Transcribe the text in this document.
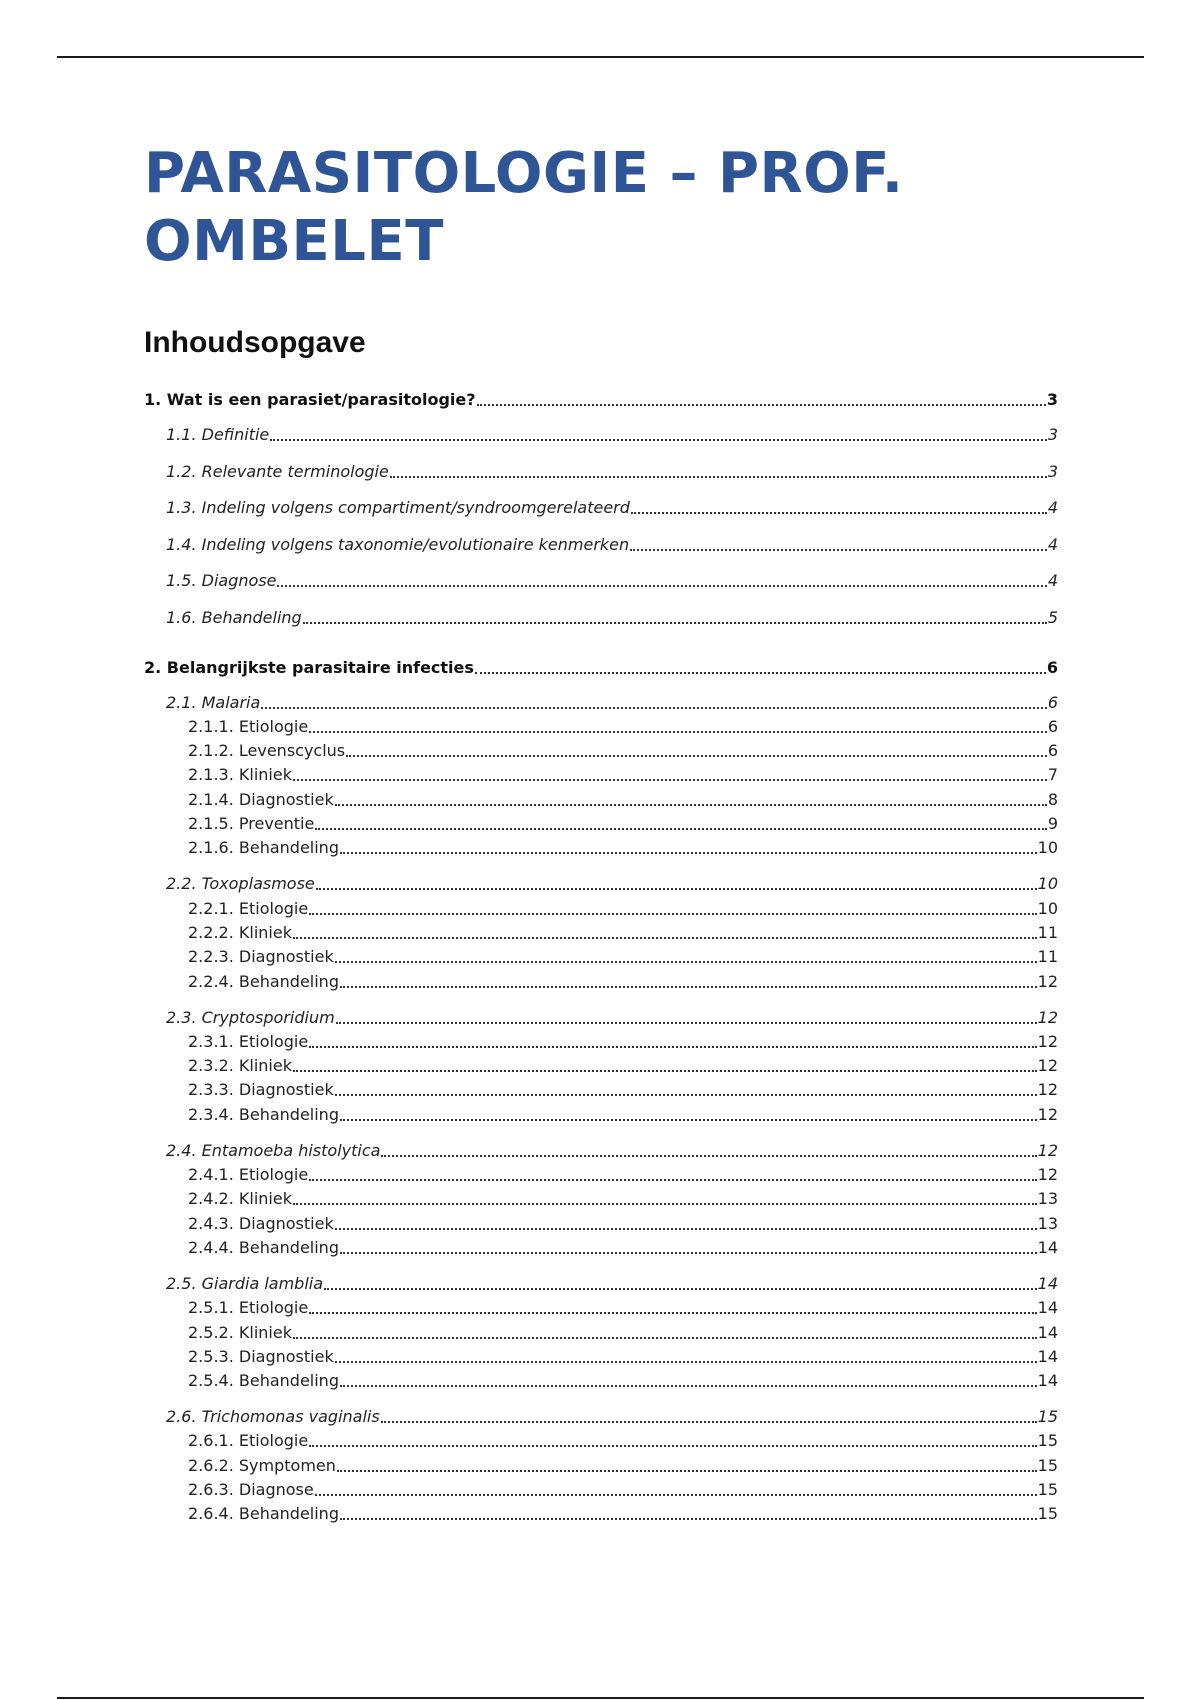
PARASITOLOGIE – PROF.
OMBELET
Inhoudsopgave
1. Wat is een parasiet/parasitologie?	3
1.1. Definitie	3
1.2. Relevante terminologie	3
1.3. Indeling volgens compartiment/syndroomgerelateerd	4
1.4. Indeling volgens taxonomie/evolutionaire kenmerken	4
1.5. Diagnose	4
1.6. Behandeling	5
2. Belangrijkste parasitaire infecties	6
2.1. Malaria	6
2.1.1. Etiologie	6
2.1.2. Levenscyclus	6
2.1.3. Kliniek	7
2.1.4. Diagnostiek	8
2.1.5. Preventie	9
2.1.6. Behandeling	10
2.2. Toxoplasmose	10
2.2.1. Etiologie	10
2.2.2. Kliniek	11
2.2.3. Diagnostiek	11
2.2.4. Behandeling	12
2.3. Cryptosporidium	12
2.3.1. Etiologie	12
2.3.2. Kliniek	12
2.3.3. Diagnostiek	12
2.3.4. Behandeling	12
2.4. Entamoeba histolytica	12
2.4.1. Etiologie	12
2.4.2. Kliniek	13
2.4.3. Diagnostiek	13
2.4.4. Behandeling	14
2.5. Giardia lamblia	14
2.5.1. Etiologie	14
2.5.2. Kliniek	14
2.5.3. Diagnostiek	14
2.5.4. Behandeling	14
2.6. Trichomonas vaginalis	15
2.6.1. Etiologie	15
2.6.2. Symptomen	15
2.6.3. Diagnose	15
2.6.4. Behandeling	15
